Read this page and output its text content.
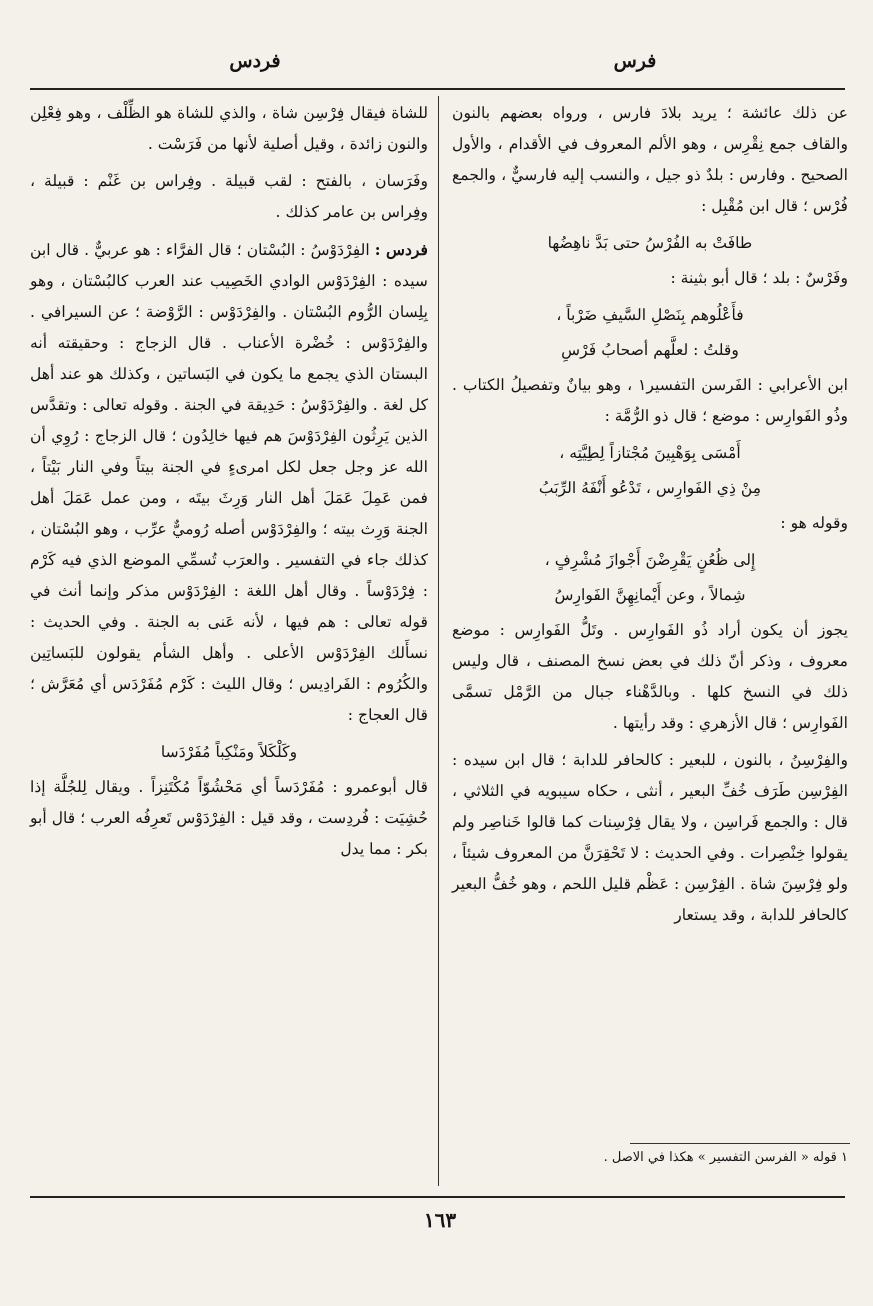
فرس
فردس

عن ذلك عائشة ؛ يريد بلادَ فارس ، ورواه بعضهم بالنون والقاف جمع نِقْرِس ، وهو الألم المعروف في الأقدام ، والأول الصحيح . وفارس : بلدٌ ذو جيل ، والنسب إليه فارسيٌّ ، والجمع فُرْس ؛ قال ابن مُقْبِل :

طافَتْ به الفُرْسُ حتى بَدَّ ناهِضُها

وفَرْسٌ : بلد ؛ قال أبو بثينة :

فأَعْلُوهم بِنَصْلِ السَّيفِ ضَرْباً ،

وقلتُ : لعلَّهم أصحابُ فَرْسِ

ابن الأعرابي : الفَرسن التفسير١ ، وهو بيانٌ وتفصيلُ الكتاب . وذُو الفَوارِس : موضع ؛ قال ذو الرُّمَّة :

أَمْسَى بِوَهْبِينَ مُجْتازاً لِطِيَّتِه ،

مِنْ ذِي الفَوارِس ، تَدْعُو أَنْفَهُ الرِّبَبُ

وقوله هو :

إِلى ظُعُنٍ يَقْرِضْنَ أَجْوازَ مُشْرِفٍ ،

شِمالاً ، وعن أَيْمانِهِنَّ الفَوارِسُ

يجوز أن يكون أراد ذُو الفَوارِس . وتَلُّ الفَوارِس : موضع معروف ، وذكر أنّ ذلك في بعض نسخ المصنف ، قال وليس ذلك في النسخ كلها . وبالدَّهْناء جبال من الرَّمْل تسمَّى الفَوارِس ؛ قال الأزهري : وقد رأيتها .

والفِرْسِنُ ، بالنون ، للبعير : كالحافر للدابة ؛ قال ابن سيده : الفِرْسِن طَرَف خُفِّ البعير ، أنثى ، حكاه سيبويه في الثلاثي ، قال : والجمع فَراسِن ، ولا يقال فِرْسِنات كما قالوا خَناصِر ولم يقولوا خِنْصِرات . وفي الحديث : لا تَحْقِرَنَّ من المعروف شيئاً ، ولو فِرْسِنَ شاة . الفِرْسِن : عَظْم قليل اللحم ، وهو خُفُّ البعير كالحافر للدابة ، وقد يستعار

للشاة فيقال فِرْسِن شاة ، والذي للشاة هو الظِّلْف ، وهو فِعْلِن والنون زائدة ، وقيل أصلية لأنها من فَرَسْت .

وفَرَسان ، بالفتح : لقب قبيلة . وفِراس بن غَنْم : قبيلة ، وفِراس بن عامر كذلك .

فردس : الفِرْدَوْسُ : البُسْتان ؛ قال الفرَّاء : هو عربيٌّ . قال ابن سيده : الفِرْدَوْس الوادي الخَصِيب عند العرب كالبُسْتان ، وهو بِلِسان الرُّوم البُسْتان . والفِرْدَوْس : الرَّوْضة ؛ عن السيرافي . والفِرْدَوْس : خُضْرة الأعناب . قال الزجاج : وحقيقته أنه البستان الذي يجمع ما يكون في البَساتين ، وكذلك هو عند أهل كل لغة . والفِرْدَوْسُ : حَدِيقة في الجنة . وقوله تعالى : وتقدَّس الذين يَرِثُون الفِرْدَوْسَ هم فيها خالِدُون ؛ قال الزجاج : رُوِي أن الله عز وجل جعل لكل امرىءٍ في الجنة بيتاً وفي النار بَيْتاً ، فمن عَمِلَ عَمَلَ أهل النار وَرِثَ بيتَه ، ومن عمل عَمَلَ أهل الجنة وَرِث بيته ؛ والفِرْدَوْس أصله رُوميٌّ عرِّب ، وهو البُسْتان ، كذلك جاء في التفسير . والعرَب تُسمِّي الموضع الذي فيه كَرْم : فِرْدَوْساً . وقال أهل اللغة : الفِرْدَوْس مذكر وإنما أنث في قوله تعالى : هم فيها ، لأنه عَنى به الجنة . وفي الحديث : نسأَلك الفِرْدَوْس الأعلى . وأهل الشأم يقولون للبَساتِين والكُرُوم : الفَرادِيس ؛ وقال الليث : كَرْم مُفَرْدَس أي مُعَرَّش ؛ قال العجاج :

وكَلْكَلاً ومَنْكِباً مُفَرْدَسا

قال أبوعمرو : مُفَرْدَساً أي مَحْشُوّاً مُكْتَنِزاً . ويقال لِلجُلَّة إذا حُشِيَت : فُردِست ، وقد قيل : الفِرْدَوْس تَعرِفُه العرب ؛ قال أبو بكر : مما يدل

١ قوله « الفرسن التفسير » هكذا في الاصل .
١٦٣
